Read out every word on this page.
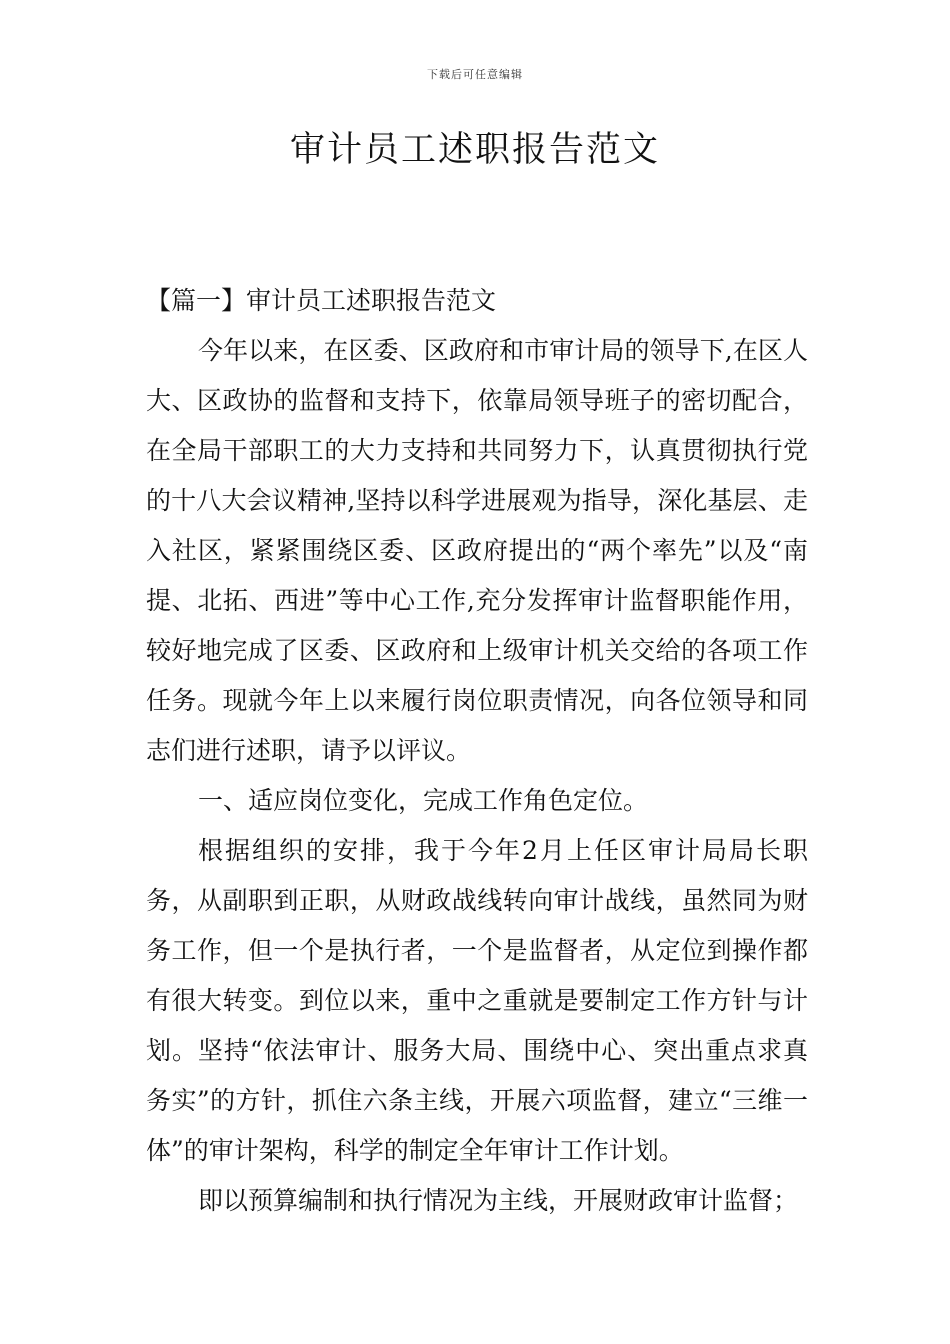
下载后可任意编辑
审计员工述职报告范文

【篇一】审计员工述职报告范文

今年以来，在区委、区政府和市审计局的领导下,在区人大、区政协的监督和支持下，依靠局领导班子的密切配合，在全局干部职工的大力支持和共同努力下，认真贯彻执行党的十八大会议精神,坚持以科学进展观为指导，深化基层、走入社区，紧紧围绕区委、区政府提出的“两个率先”以及“南提、北拓、西进”等中心工作,充分发挥审计监督职能作用，较好地完成了区委、区政府和上级审计机关交给的各项工作任务。现就今年上以来履行岗位职责情况，向各位领导和同志们进行述职，请予以评议。

一、适应岗位变化，完成工作角色定位。

根据组织的安排，我于今年2月上任区审计局局长职务，从副职到正职，从财政战线转向审计战线，虽然同为财务工作，但一个是执行者，一个是监督者，从定位到操作都有很大转变。到位以来，重中之重就是要制定工作方针与计划。坚持“依法审计、服务大局、围绕中心、突出重点求真务实”的方针，抓住六条主线，开展六项监督，建立“三维一体”的审计架构，科学的制定全年审计工作计划。

即以预算编制和执行情况为主线，开展财政审计监督；
